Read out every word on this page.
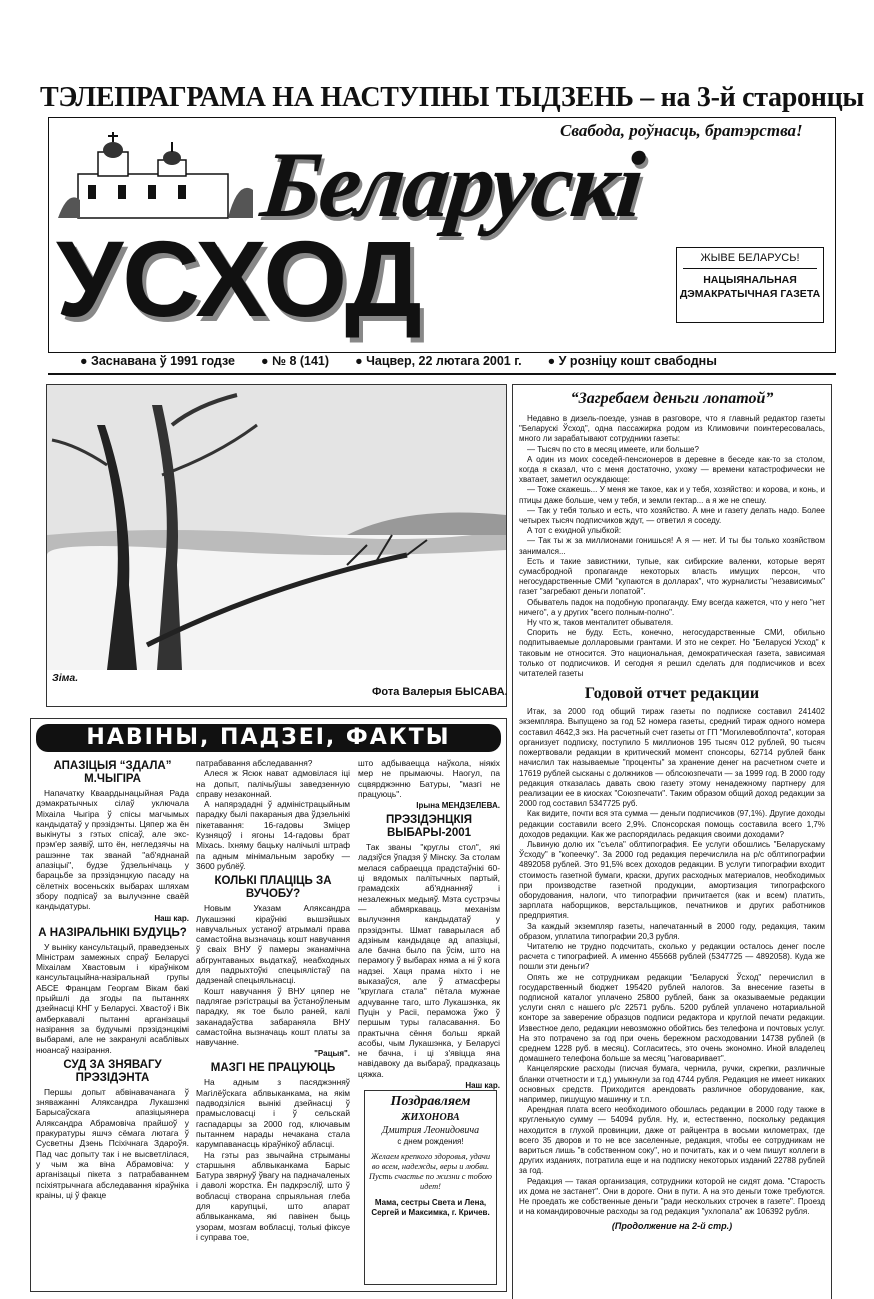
ТЭЛЕПРАГРАМА НА НАСТУПНЫ ТЫДЗЕНЬ – на 3-й старонцы
Свабода, роўнасць, братэрства!
Беларускі
УСХОД	ЖЫВЕ БЕЛАРУСЬ!
НАЦЫЯНАЛЬНАЯ ДЭМАКРАТЫЧНАЯ ГАЗЕТА
● Заснавана ў 1991 годзе ● № 8 (141) ● Чацвер, 22 лютага 2001 г. ● У розніцу кошт свабодны
Зіма.
Фота Валерыя БЫСАВА.
“Загребаем деньги лопатой”

Недавно в дизель-поезде, узнав в разговоре, что я главный редактор газеты "Беларускі Ўсход", одна пассажирка родом из Климовичи поинтересовалась, много ли зарабатывают сотрудники газеты:

— Тысяч по сто в месяц имеете, или больше?

А один из моих соседей-пенсионеров в деревне в беседе как-то за столом, когда я сказал, что с меня достаточно, ухожу — времени катастрофически не хватает, заметил осуждающе:

— Тоже скажешь... У меня же такое, как и у тебя, хозяйство: и корова, и конь, и птицы даже больше, чем у тебя, и земли гектар... а я же не спешу.

— Так у тебя только и есть, что хозяйство. А мне и газету делать надо. Более четырех тысяч подписчиков ждут, — ответил я соседу.

А тот с ехидной улыбкой:

— Так ты ж за миллионами гонишься! А я — нет. И ты бы только хозяйством занимался...

Есть и такие завистники, тупые, как сибирские валенки, которые верят сумасбродной пропаганде некоторых власть имущих персон, что негосударственные СМИ "купаются в долларах", что журналисты "независимых" газет "загребают деньги лопатой".

Обыватель падок на подобную пропаганду. Ему всегда кажется, что у него "нет ничего", а у других "всего полным-полно".

Ну что ж, таков менталитет обывателя.

Спорить не буду. Есть, конечно, негосударственные СМИ, обильно подпитываемые долларовыми грантами. И это не секрет. Но "Беларускі Усход" к таковым не относится. Это национальная, демократическая газета, зависимая только от подписчиков. И сегодня я решил сделать для подписчиков и всех читателей газеты

Годовой отчет редакции

Итак, за 2000 год общий тираж газеты по подписке составил 241402 экземпляра. Выпущено за год 52 номера газеты, средний тираж одного номера составил 4642,3 экз. На расчетный счет газеты от ГП "Могилевоблпочта", которая организует подписку, поступило 5 миллионов 195 тысяч 012 рублей, 90 тысяч пожертвовали редакции в критический момент спонсоры, 62714 рублей банк начислил так называемые "проценты" за хранение денег на расчетном счете и 17619 рублей сысканы с должников — облсоюзпечати — за 1999 год. В 2000 году редакция отказалась давать свою газету этому ненадежному партнеру для реализации ее в киосках "Союзпечати". Таким образом общий доход редакции за 2000 год составил 5347725 руб.

Как видите, почти вся эта сумма — деньги подписчиков (97,1%). Другие доходы редакции составили всего 2,9%. Спонсорская помощь составила всего 1,7% доходов редакции. Как же распорядилась редакция своими доходами?

Львиную долю их "съела" облтипография. Ее услуги обошлись "Беларускаму Ўсходу" в "копеечку". За 2000 год редакция перечислила на р/с облтипографии 4892058 рублей. Это 91,5% всех доходов редакции. В услуги типографии входит стоимость газетной бумаги, краски, других расходных материалов, необходимых при производстве газетной продукции, амортизация типографского оборудования, налоги, что типографии причитается (как и всем) платить, зарплата наборщиков, верстальщиков, печатников и других работников предприятия.

За каждый экземпляр газеты, напечатанный в 2000 году, редакция, таким образом, уплатила типографии 20,3 рубля.

Читателю не трудно подсчитать, сколько у редакции осталось денег после расчета с типографией. А именно 455668 рублей (5347725 — 4892058). Куда же пошли эти деньги?

Опять же не сотрудникам редакции "Беларускі Ўсход" перечислил в государственный бюджет 195420 рублей налогов. За внесение газеты в подписной каталог уплачено 25800 рублей, банк за оказываемые редакции услуги снял с нашего р/с 22571 рубль. 5200 рублей уплачено нотариальной конторе за заверение образцов подписи редактора и круглой печати редакции. Известное дело, редакции невозможно обойтись без телефона и почтовых услуг. На это потрачено за год при очень бережном расходовании 14738 рублей (в среднем 1228 руб. в месяц). Согласитесь, это очень экономно. Иной владелец домашнего телефона больше за месяц "наговаривает".

Канцелярские расходы (писчая бумага, чернила, ручки, скрепки, различные бланки отчетности и т.д.) умыкнули за год 4744 рубля. Редакция не имеет никаких основных средств. Приходится арендовать различное оборудование, как, например, пишущую машинку и т.п.

Арендная плата всего необходимого обошлась редакции в 2000 году также в кругленькую сумму — 54094 рубля. Ну, и, естественно, поскольку редакция находится в глухой провинции, даже от райцентра в восьми километрах, где всего 35 дворов и то не все заселенные, редакция, чтобы ее сотрудникам не вариться лишь "в собственном соку", но и почитать, как и о чем пишут коллеги в других изданиях, потратила еще и на подписку некоторых изданий 22788 рублей за год.

Редакция — такая организация, сотрудники которой не сидят дома. "Старость их дома не застанет". Они в дороге. Они в пути. А на это деньги тоже требуются. Не проедать же собственные деньги "ради нескольких строчек в газете". Проезд и на командировочные расходы за год редакция "ухлопала" аж 106392 рубля.

(Продолжение на 2-й стр.)
НАВІНЫ, ПАДЗЕІ, ФАКТЫ
АПАЗІЦЫЯ “ЗДАЛА” М.ЧЫГІРА

Напачатку Кваардынацыйная Рада дэмакратычных сілаў уключала Міхаіла Чыгіра ў спісы магчымых кандыдатаў у прэзідэнты. Цяпер жа ён выкінуты з гэтых спісаў, але экс-прэм'ер заявіў, што ён, негледзячы на рашэнне так званай "аб'яднанай апазіцыі", будзе ўдзельнічаць у барацьбе за прэзідэнцкую пасаду на сёлетніх восеньскіх выбарах шляхам збору подпісаў за вылучэнне сваёй кандыдатуры.

Наш кар.
А НАЗІРАЛЬНІКІ БУДУЦЬ?

У выніку кансультацый, праведзеных Міністрам замежных спраў Беларусі Міхаілам Хвастовым і кіраўніком кансультацыйна-назіральнай групы АБСЕ Францам Георгам Вікам бакі прыйшлі да згоды па пытаннях дзейнасці КНГ у Беларусі. Хвастоў і Вік амберкавалі пытанні арганізацыі назірання за будучымі прэзідэнцкімі выбарамі, але не закранулі асаблівых нюансаў назірання.

СУД ЗА ЗНЯВАГУ ПРЭЗІДЭНТА

Першы допыт абвінавачанага ў зняважанні Аляксандра Лукашэнкі Барысаўскага апазіцыянера Аляксандра Абрамовіча прайшоў у пракуратуры яшчэ сёмага лютага ў Сусветны Дзень Псіхічнага Здароўя. Пад час допыту так і не высветлілася, у чым жа віна Абрамовіча: у арганізацыі пікета з патрабаваннем псіхіятрычнага абследавання кіраўніка краіны, ці ў факце

патрабавання абследавання?

Алеся ж Ясюк нават адмовілася іці на допыт, палічыўшы заведзенную справу незаконнай.

А напярэдадні ў адміністрацыйным парадку былі пакараныя два ўдзельнікі пікетавання: 16-гадовы Зміцер Кузняцоў і ягоны 14-гадовы брат Міхась. Іхняму бацьку налічылі штраф па адным мінімальным заробку — 3600 рублёў.

КОЛЬКІ ПЛАЦІЦЬ ЗА ВУЧОБУ?

Новым Указам Аляксандра Лукашэнкі кіраўнікі вышэйшых навучальных устаноў атрымалі права самастойна вызначаць кошт навучання ў сваіх ВНУ ў памеры эканамічна абгрунтаваных выдаткаў, неабходных для падрыхтоўкі спецыялістаў па дадзенай спецыяльнасці.

Кошт навучання ў ВНУ цяпер не падлягае рэгістрацыі ва ўстаноўленым парадку, як тое было раней, калі заканадаўства забараняла ВНУ самастойна вызначаць кошт платы за навучанне.

"Рацыя".
МАЗГІ НЕ ПРАЦУЮЦЬ

На адным з пасяджэнняў Магілёўскага аблвыканкама, на якім падводзіліся вынікі дзейнасці ў прамысловасці і ў сельскай гаспадарцы за 2000 год, ключавым пытаннем нарады нечакана стала карумпаванасць кіраўнікоў абласці.

На гэты раз звычайна стрыманы старшыня аблвыканкама Барыс Батура звярнуў ўвагу на падначаленых і даволі жорстка. Ён падкрэсліў, што ў вобласці створана спрыяльная глеба для карупцыі, што апарат аблвыканкама, які павінен быць узорам, мозгам вобласці, толькі фіксуе і суправа тое,

што адбываецца наўкола, ніякіх мер не прымаючы. Наогул, па сцвярджэнню Батуры, "мазгі не працуюць".

Ірына МЕНДЗЕЛЕВА.
ПРЭЗІДЭНЦКІЯ ВЫБАРЫ-2001

Так званы "круглы стол", які ладзіўся ўпадзя ў Мінску. За столам мелася сабраецца прадстаўнікі 60-ці вядомых палітычных партый, грамадскіх аб'яднанняў і незалежных медыяў. Мэта сустрэчы — абмяркаваць механізм вылучэння кандыдатаў у прэзідэнты. Шмат гаварылася аб адзіным кандыдаце ад апазіцыі, але бачна было па ўсім, што на перамогу ў выбарах няма а ні ў кога надзеі. Хаця прама ніхто і не выказаўся, але ў атмасферы "круглага стала" пётала мужнае адчуванне таго, што Лукашэнка, як Пуцін у Расіі, пераможа ўжо ў першым туры галасавання. Бо практычна сёння больш яркай асобы, чым Лукашэнка, у Беларусі не бачна, і ці з'явіцца яна навідавоку да выбараў, прадказаць цяжка.

Наш кар.
Поздравляем
ЖИХОНОВА
Дмитрия Леонидовича
с днем рождения!
Желаем крепкого здоровья, удачи во всем, надежды, веры и любви. Пусть счастье по жизни с тобою идет!
Мама, сестры Света и Лена, Сергей и Максимка, г. Кричев.
